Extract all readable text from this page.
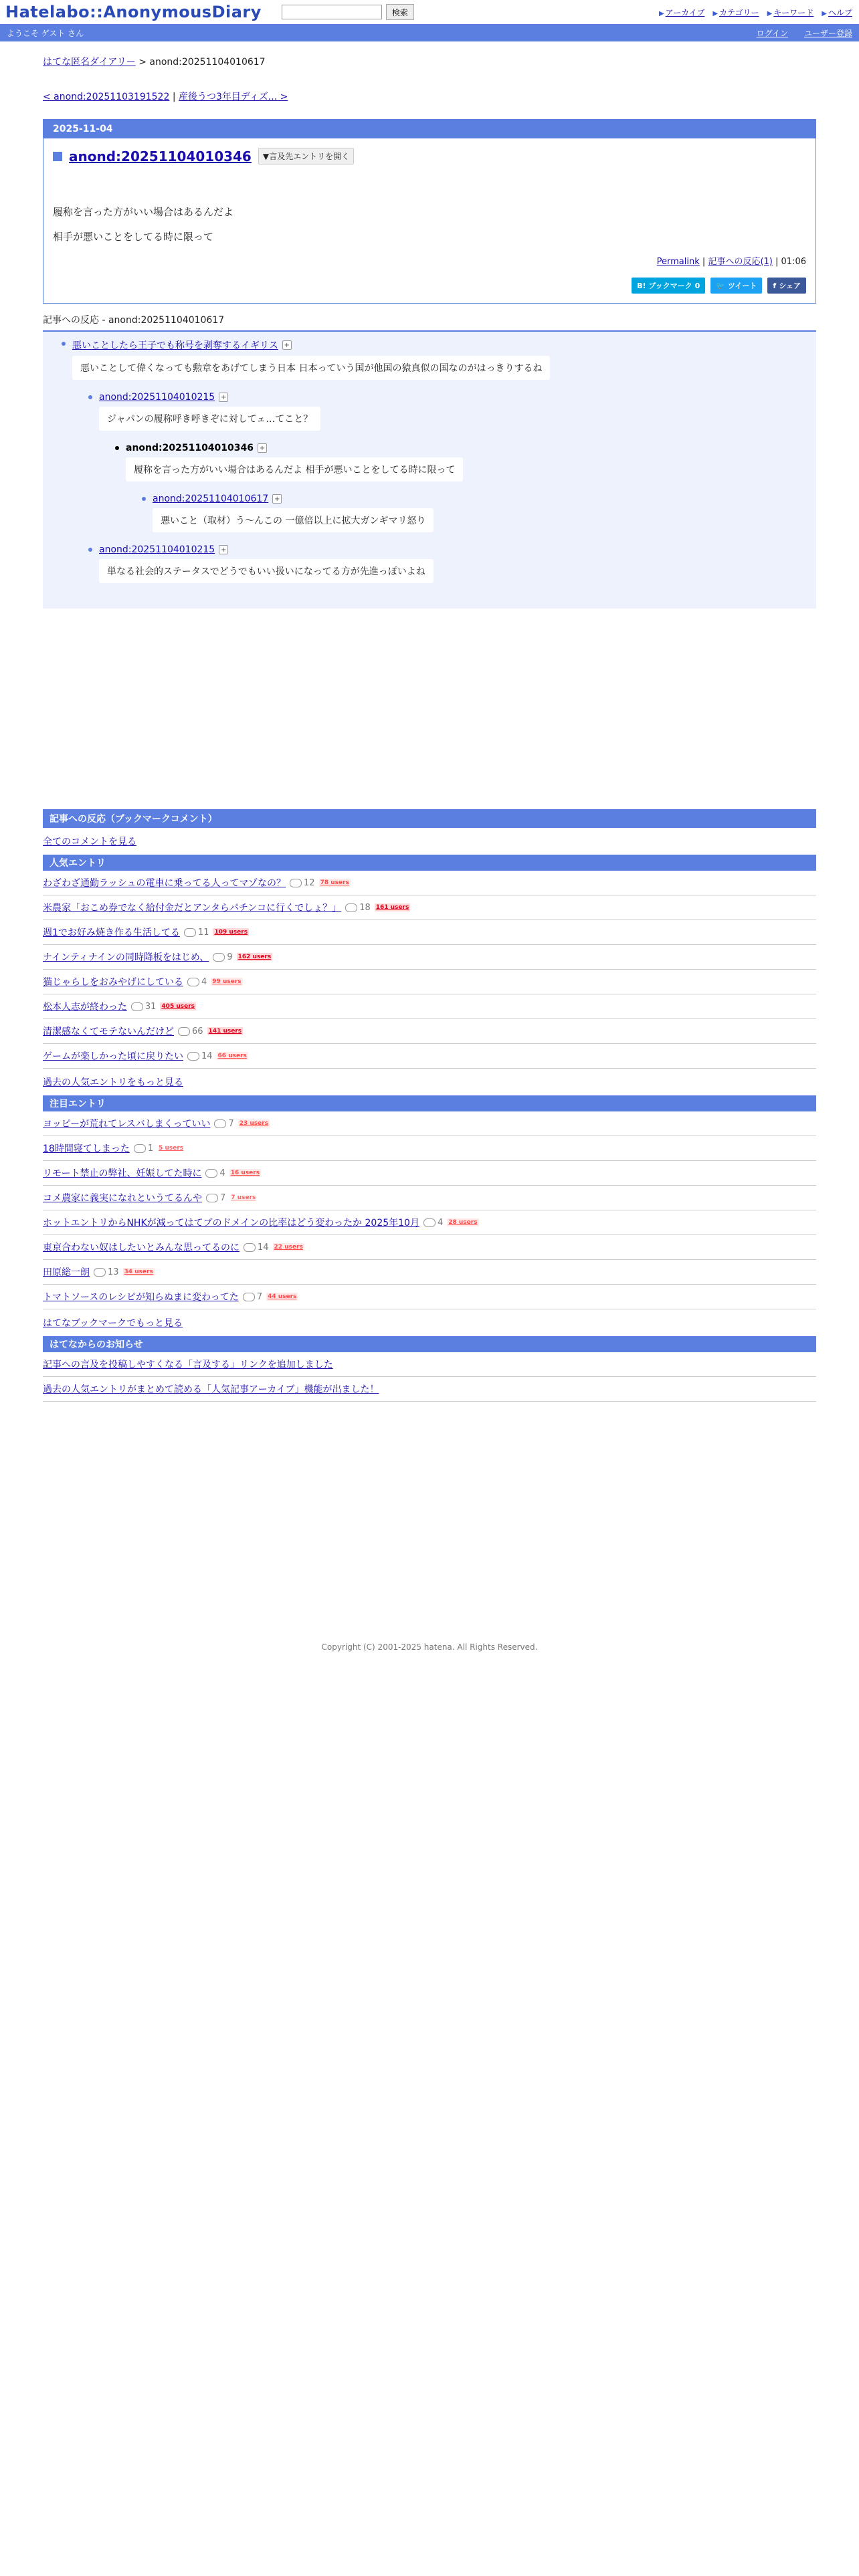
Hatelabo::AnonymousDiary	検索	▶ アーカイブ ▶ カテゴリー ▶ キーワード ▶ ヘルプ
ようこそ ゲスト さん	ログイン ユーザー登録
はてな匿名ダイアリー > anond:20251104010617
< anond:20251103191522 | 産後うつ3年目ディズ... >
2025-11-04
anond:20251104010346	▼言及先エントリを開く

履称を言った方がいい場合はあるんだよ

相手が悪いことをしてる時に限って

Permalink | 記事への反応(1) | 01:06
B! ブックマーク 0 🐦 ツイート f シェア
記事への反応 - anond:20251104010617
悪いことしたら王子でも称号を剥奪するイギリス +
悪いことして偉くなっても勲章をあげてしまう日本 日本っていう国が他国の猿真似の国なのがはっきりするね
anond:20251104010215 +
ジャパンの履称呼き呼きぞに対してェ…てこと？
anond:20251104010346 +
履称を言った方がいい場合はあるんだよ 相手が悪いことをしてる時に限って
anond:20251104010617 +
悪いこと（取材）う〜んこの 一億倍以上に拡大ガンギマリ怒り
anond:20251104010215 +
単なる社会的ステータスでどうでもいい扱いになってる方が先進っぽいよね
記事への反応（ブックマークコメント）
全てのコメントを見る
人気エントリ
わざわざ通勤ラッシュの電車に乗ってる人ってマゾなの？ 12 78 users
米農家「おこめ券でなく給付金だとアンタらパチンコに行くでしょ？」 18 161 users
週1でお好み焼き作る生活してる 11 109 users
ナインティナインの同時降板をはじめ、 9 162 users
猫じゃらしをおみやげにしている 4 99 users
松本人志が終わった 31 405 users
清潔感なくてモテないんだけど 66 141 users
ゲームが楽しかった頃に戻りたい 14 66 users
過去の人気エントリをもっと見る
注目エントリ
ヨッピーが荒れてレスバしまくっていい 7 23 users
18時間寝てしまった 1 5 users
リモート禁止の弊社、妊娠してた時に 4 16 users
コメ農家に義実になれというてるんや 7 7 users
ホットエントリからNHKが減ってはてブのドメインの比率はどう変わったか 2025年10月 4 28 users
東京合わない奴はしたいとみんな思ってるのに 14 22 users
田原総一朗 13 34 users
トマトソースのレシピが知らぬまに変わってた 7 44 users
はてなブックマークでもっと見る
はてなからのお知らせ
記事への言及を投稿しやすくなる「言及する」リンクを追加しました
過去の人気エントリがまとめて読める「人気記事アーカイブ」機能が出ました！
Copyright (C) 2001-2025 hatena. All Rights Reserved.
